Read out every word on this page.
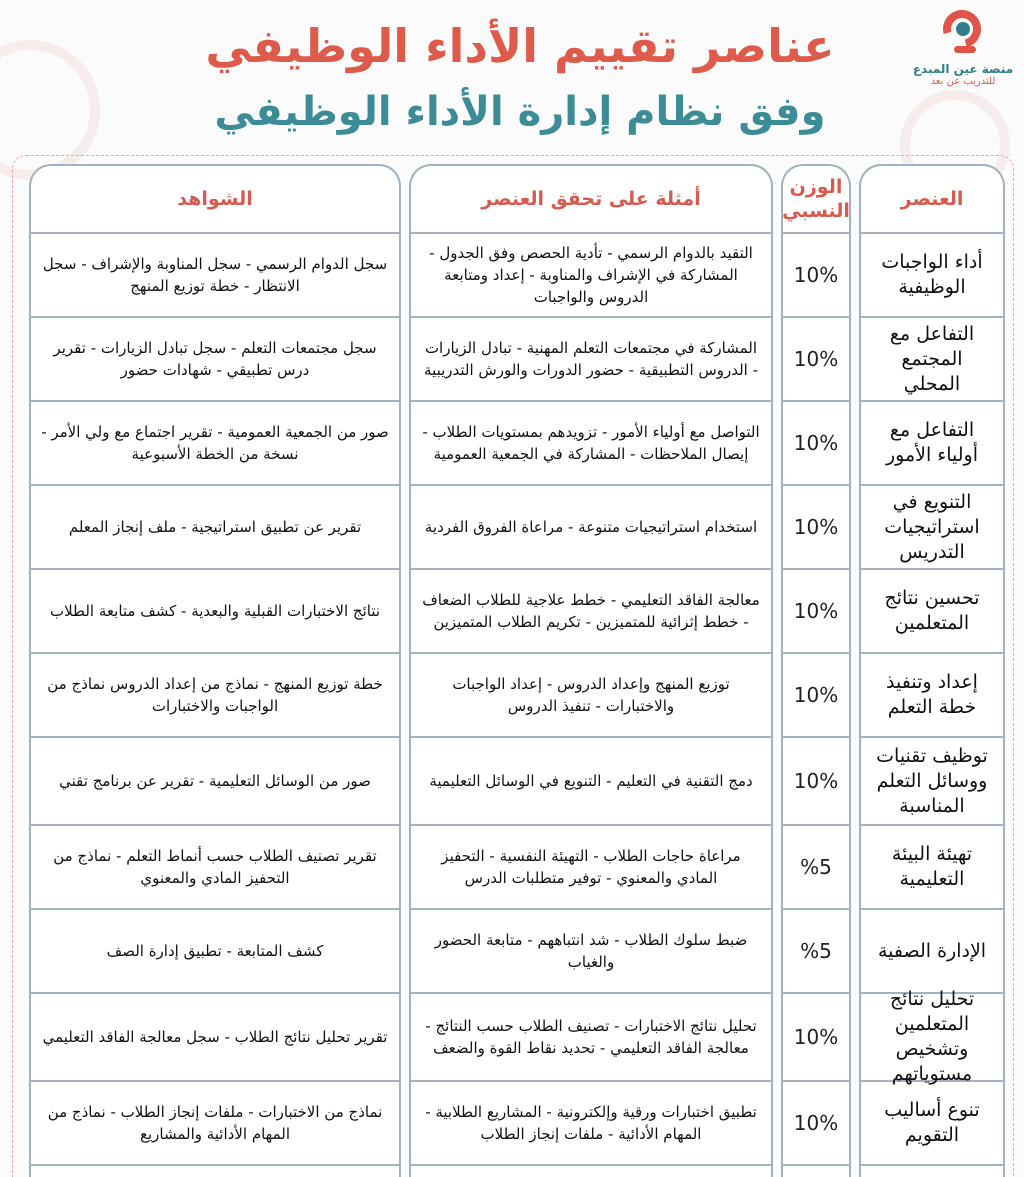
منصة عين المبدع
للتدريب عن بعد
عناصر تقييم الأداء الوظيفي
وفق نظام إدارة الأداء الوظيفي
العنصر
أداء الواجبات الوظيفية
التفاعل مع المجتمع المحلي
التفاعل مع أولياء الأمور
التنويع في استراتيجيات التدريس
تحسين نتائج المتعلمين
إعداد وتنفيذ خطة التعلم
توظيف تقنيات ووسائل التعلم المناسبة
تهيئة البيئة التعليمية
الإدارة الصفية
تحليل نتائج المتعلمين وتشخيص مستوياتهم
تنوع أساليب التقويم
الوزن النسبي
10%
10%
10%
10%
10%
10%
10%
%5
%5
10%
10%
أمثلة على تحقق العنصر
التقيد بالدوام الرسمي - تأدية الحصص وفق الجدول - المشاركة في الإشراف والمناوبة - إعداد ومتابعة الدروس والواجبات
المشاركة في مجتمعات التعلم المهنية - تبادل الزيارات - الدروس التطبيقية - حضور الدورات والورش التدريبية
التواصل مع أولياء الأمور - تزويدهم بمستويات الطلاب - إيصال الملاحظات - المشاركة في الجمعية العمومية
استخدام استراتيجيات متنوعة - مراعاة الفروق الفردية
معالجة الفاقد التعليمي - خطط علاجية للطلاب الضعاف - خطط إثرائية للمتميزين - تكريم الطلاب المتميزين
توزيع المنهج وإعداد الدروس - إعداد الواجبات والاختبارات - تنفيذ الدروس
دمج التقنية في التعليم - التنويع في الوسائل التعليمية
مراعاة حاجات الطلاب - التهيئة النفسية - التحفيز المادي والمعنوي - توفير متطلبات الدرس
ضبط سلوك الطلاب - شد انتباههم - متابعة الحضور والغياب
تحليل نتائج الاختبارات - تصنيف الطلاب حسب النتائج - معالجة الفاقد التعليمي - تحديد نقاط القوة والضعف
تطبيق اختبارات ورقية وإلكترونية - المشاريع الطلابية - المهام الأدائية - ملفات إنجاز الطلاب
الشواهد
سجل الدوام الرسمي - سجل المناوبة والإشراف - سجل الانتظار - خطة توزيع المنهج
سجل مجتمعات التعلم - سجل تبادل الزيارات - تقرير درس تطبيقي - شهادات حضور
صور من الجمعية العمومية - تقرير اجتماع مع ولي الأمر - نسخة من الخطة الأسبوعية
تقرير عن تطبيق استراتيجية - ملف إنجاز المعلم
نتائج الاختبارات القبلية والبعدية - كشف متابعة الطلاب
خطة توزيع المنهج - نماذج من إعداد الدروس نماذج من الواجبات والاختبارات
صور من الوسائل التعليمية - تقرير عن برنامج تقني
تقرير تصنيف الطلاب حسب أنماط التعلم - نماذج من التحفيز المادي والمعنوي
كشف المتابعة - تطبيق إدارة الصف
تقرير تحليل نتائج الطلاب - سجل معالجة الفاقد التعليمي
نماذج من الاختبارات - ملفات إنجاز الطلاب - نماذج من المهام الأدائية والمشاريع
